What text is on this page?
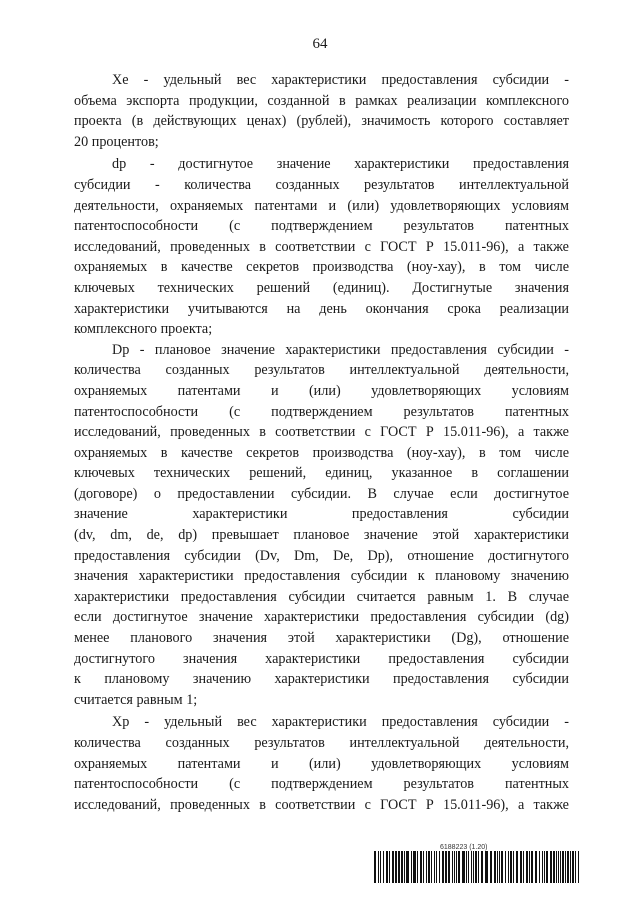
64
Xe - удельный вес характеристики предоставления субсидии -
объема экспорта продукции, созданной в рамках реализации комплексного
проекта (в действующих ценах) (рублей), значимость которого составляет
20 процентов;
dp - достигнутое значение характеристики предоставления
субсидии - количества созданных результатов интеллектуальной
деятельности, охраняемых патентами и (или) удовлетворяющих условиям
патентоспособности (с подтверждением результатов патентных
исследований, проведенных в соответствии с ГОСТ Р 15.011-96), а также
охраняемых в качестве секретов производства (ноу-хау), в том числе
ключевых технических решений (единиц). Достигнутые значения
характеристики учитываются на день окончания срока реализации
комплексного проекта;
Dp - плановое значение характеристики предоставления субсидии -
количества созданных результатов интеллектуальной деятельности,
охраняемых патентами и (или) удовлетворяющих условиям
патентоспособности (с подтверждением результатов патентных
исследований, проведенных в соответствии с ГОСТ Р 15.011-96), а также
охраняемых в качестве секретов производства (ноу-хау), в том числе
ключевых технических решений, единиц, указанное в соглашении
(договоре) о предоставлении субсидии. В случае если достигнутое
значение характеристики предоставления субсидии
(dv, dm, de, dp) превышает плановое значение этой характеристики
предоставления субсидии (Dv, Dm, De, Dp), отношение достигнутого
значения характеристики предоставления субсидии к плановому значению
характеристики предоставления субсидии считается равным 1. В случае
если достигнутое значение характеристики предоставления субсидии (dg)
менее планового значения этой характеристики (Dg), отношение
достигнутого значения характеристики предоставления субсидии
к плановому значению характеристики предоставления субсидии
считается равным 1;
Xp - удельный вес характеристики предоставления субсидии -
количества созданных результатов интеллектуальной деятельности,
охраняемых патентами и (или) удовлетворяющих условиям
патентоспособности (с подтверждением результатов патентных
исследований, проведенных в соответствии с ГОСТ Р 15.011-96), а также
6188223 (1.20)
